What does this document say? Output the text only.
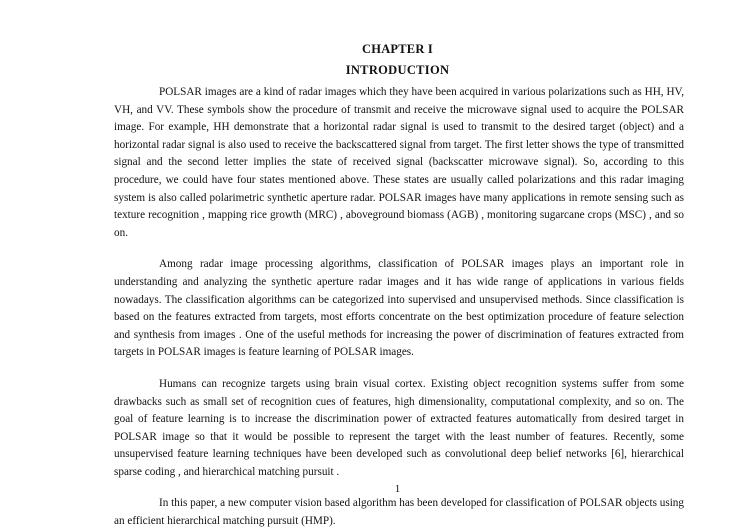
CHAPTER I
INTRODUCTION

POLSAR images are a kind of radar images which they have been acquired in various polarizations such as HH, HV, VH, and VV. These symbols show the procedure of transmit and receive the microwave signal used to acquire the POLSAR image. For example, HH demonstrate that a horizontal radar signal is used to transmit to the desired target (object) and a horizontal radar signal is also used to receive the backscattered signal from target. The first letter shows the type of transmitted signal and the second letter implies the state of received signal (backscatter microwave signal). So, according to this procedure, we could have four states mentioned above. These states are usually called polarizations and this radar imaging system is also called polarimetric synthetic aperture radar. POLSAR images have many applications in remote sensing such as texture recognition , mapping rice growth (MRC) , aboveground biomass (AGB) , monitoring sugarcane crops (MSC) , and so on.

Among radar image processing algorithms, classification of POLSAR images plays an important role in understanding and analyzing the synthetic aperture radar images and it has wide range of applications in various fields nowadays. The classification algorithms can be categorized into supervised and unsupervised methods. Since classification is based on the features extracted from targets, most efforts concentrate on the best optimization procedure of feature selection and synthesis from images . One of the useful methods for increasing the power of discrimination of features extracted from targets in POLSAR images is feature learning of POLSAR images.

Humans can recognize targets using brain visual cortex. Existing object recognition systems suffer from some drawbacks such as small set of recognition cues of features, high dimensionality, computational complexity, and so on. The goal of feature learning is to increase the discrimination power of extracted features automatically from desired target in POLSAR image so that it would be possible to represent the target with the least number of features. Recently, some unsupervised feature learning techniques have been developed such as convolutional deep belief networks [6], hierarchical sparse coding , and hierarchical matching pursuit .

In this paper, a new computer vision based algorithm has been developed for classification of POLSAR objects using an efficient hierarchical matching pursuit (HMP).

1
